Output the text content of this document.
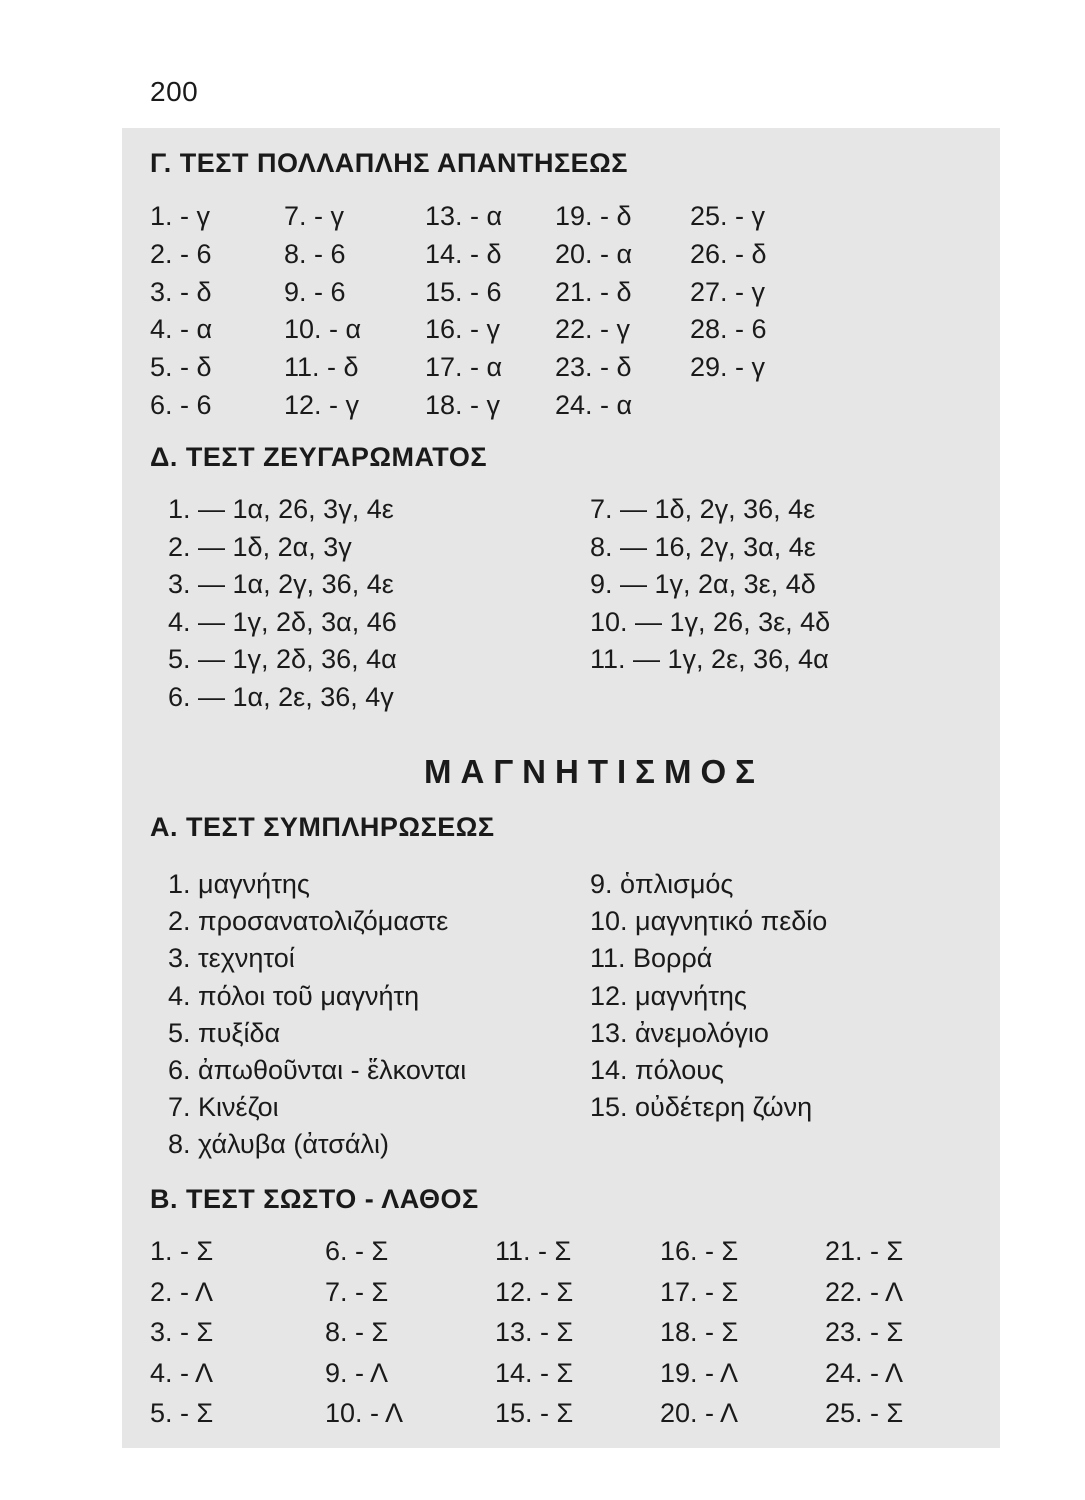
200
Γ. ΤΕΣΤ ΠΟΛΛΑΠΛΗΣ ΑΠΑΝΤΗΣΕΩΣ
1. - γ
2. - 6
3. - δ
4. - α
5. - δ
6. - 6
7. - γ
8. - 6
9. - 6
10. - α
11. - δ
12. - γ
13. - α
14. - δ
15. - 6
16. - γ
17. - α
18. - γ
19. - δ
20. - α
21. - δ
22. - γ
23. - δ
24. - α
25. - γ
26. - δ
27. - γ
28. - 6
29. - γ
Δ. ΤΕΣΤ ΖΕΥΓΑΡΩΜΑΤΟΣ
1. — 1α, 26, 3γ, 4ε
2. — 1δ, 2α, 3γ
3. — 1α, 2γ, 36, 4ε
4. — 1γ, 2δ, 3α, 46
5. — 1γ, 2δ, 36, 4α
6. — 1α, 2ε, 36, 4γ
7. — 1δ, 2γ, 36, 4ε
8. — 16, 2γ, 3α, 4ε
9. — 1γ, 2α, 3ε, 4δ
10. — 1γ, 26, 3ε, 4δ
11. — 1γ, 2ε, 36, 4α
ΜΑΓΝΗΤΙΣΜΟΣ
Α. ΤΕΣΤ ΣΥΜΠΛΗΡΩΣΕΩΣ
1. μαγνήτης
2. προσανατολιζόμαστε
3. τεχνητοί
4. πόλοι τοῦ μαγνήτη
5. πυξίδα
6. ἀπωθοῦνται - ἕλκονται
7. Κινέζοι
8. χάλυβα (ἀτσάλι)
9. ὁπλισμός
10. μαγνητικό πεδίο
11. Βορρά
12. μαγνήτης
13. ἀνεμολόγιο
14. πόλους
15. οὐδέτερη ζώνη
Β. ΤΕΣΤ ΣΩΣΤΟ - ΛΑΘΟΣ
1. - Σ
2. - Λ
3. - Σ
4. - Λ
5. - Σ
6. - Σ
7. - Σ
8. - Σ
9. - Λ
10. - Λ
11. - Σ
12. - Σ
13. - Σ
14. - Σ
15. - Σ
16. - Σ
17. - Σ
18. - Σ
19. - Λ
20. - Λ
21. - Σ
22. - Λ
23. - Σ
24. - Λ
25. - Σ
